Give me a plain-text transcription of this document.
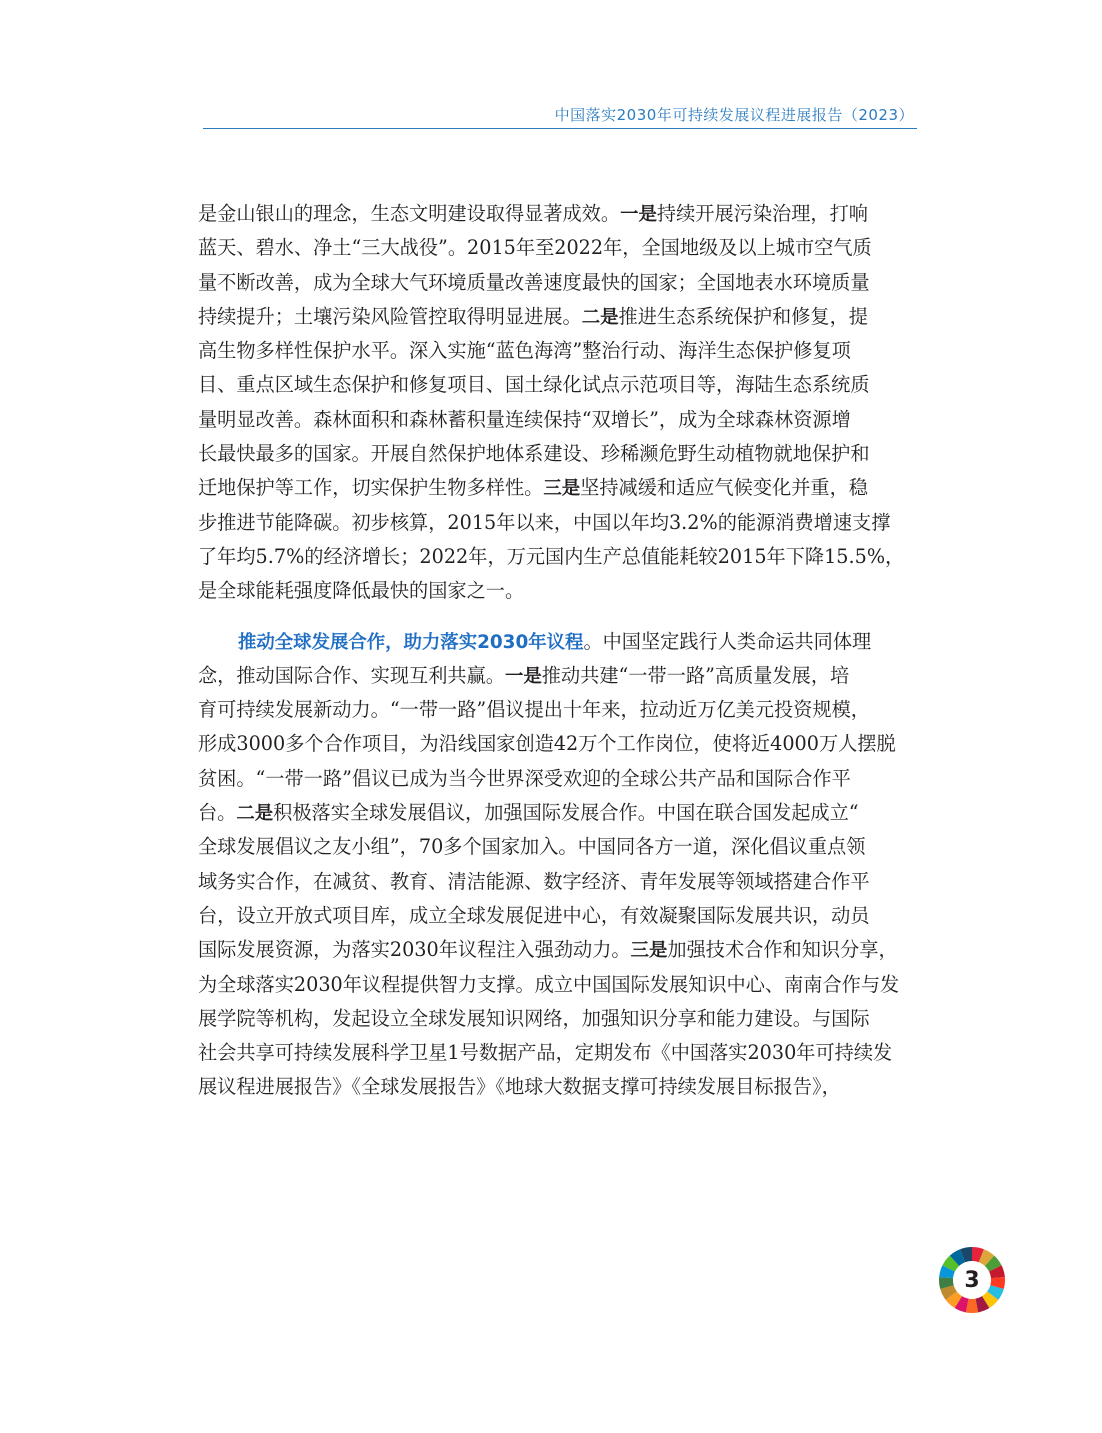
中国落实2030年可持续发展议程进展报告（2023）
是金山银山的理念，生态文明建设取得显著成效。一是持续开展污染治理，打响
蓝天、碧水、净土“三大战役”。2015年至2022年，全国地级及以上城市空气质
量不断改善，成为全球大气环境质量改善速度最快的国家；全国地表水环境质量
持续提升；土壤污染风险管控取得明显进展。二是推进生态系统保护和修复，提
高生物多样性保护水平。深入实施“蓝色海湾”整治行动、海洋生态保护修复项
目、重点区域生态保护和修复项目、国土绿化试点示范项目等，海陆生态系统质
量明显改善。森林面积和森林蓄积量连续保持“双增长”，成为全球森林资源增
长最快最多的国家。开展自然保护地体系建设、珍稀濒危野生动植物就地保护和
迁地保护等工作，切实保护生物多样性。三是坚持减缓和适应气候变化并重，稳
步推进节能降碳。初步核算，2015年以来，中国以年均3.2%的能源消费增速支撑
了年均5.7%的经济增长；2022年，万元国内生产总值能耗较2015年下降15.5%，
是全球能耗强度降低最快的国家之一。
推动全球发展合作，助力落实2030年议程。中国坚定践行人类命运共同体理
念，推动国际合作、实现互利共赢。一是推动共建“一带一路”高质量发展，培
育可持续发展新动力。“一带一路”倡议提出十年来，拉动近万亿美元投资规模，
形成3000多个合作项目，为沿线国家创造42万个工作岗位，使将近4000万人摆脱
贫困。“一带一路”倡议已成为当今世界深受欢迎的全球公共产品和国际合作平
台。二是积极落实全球发展倡议，加强国际发展合作。中国在联合国发起成立“
全球发展倡议之友小组”，70多个国家加入。中国同各方一道，深化倡议重点领
域务实合作，在减贫、教育、清洁能源、数字经济、青年发展等领域搭建合作平
台，设立开放式项目库，成立全球发展促进中心，有效凝聚国际发展共识，动员
国际发展资源，为落实2030年议程注入强劲动力。三是加强技术合作和知识分享，
为全球落实2030年议程提供智力支撑。成立中国国际发展知识中心、南南合作与发
展学院等机构，发起设立全球发展知识网络，加强知识分享和能力建设。与国际
社会共享可持续发展科学卫星1号数据产品，定期发布《中国落实2030年可持续发
展议程进展报告》《全球发展报告》《地球大数据支撑可持续发展目标报告》，
3
